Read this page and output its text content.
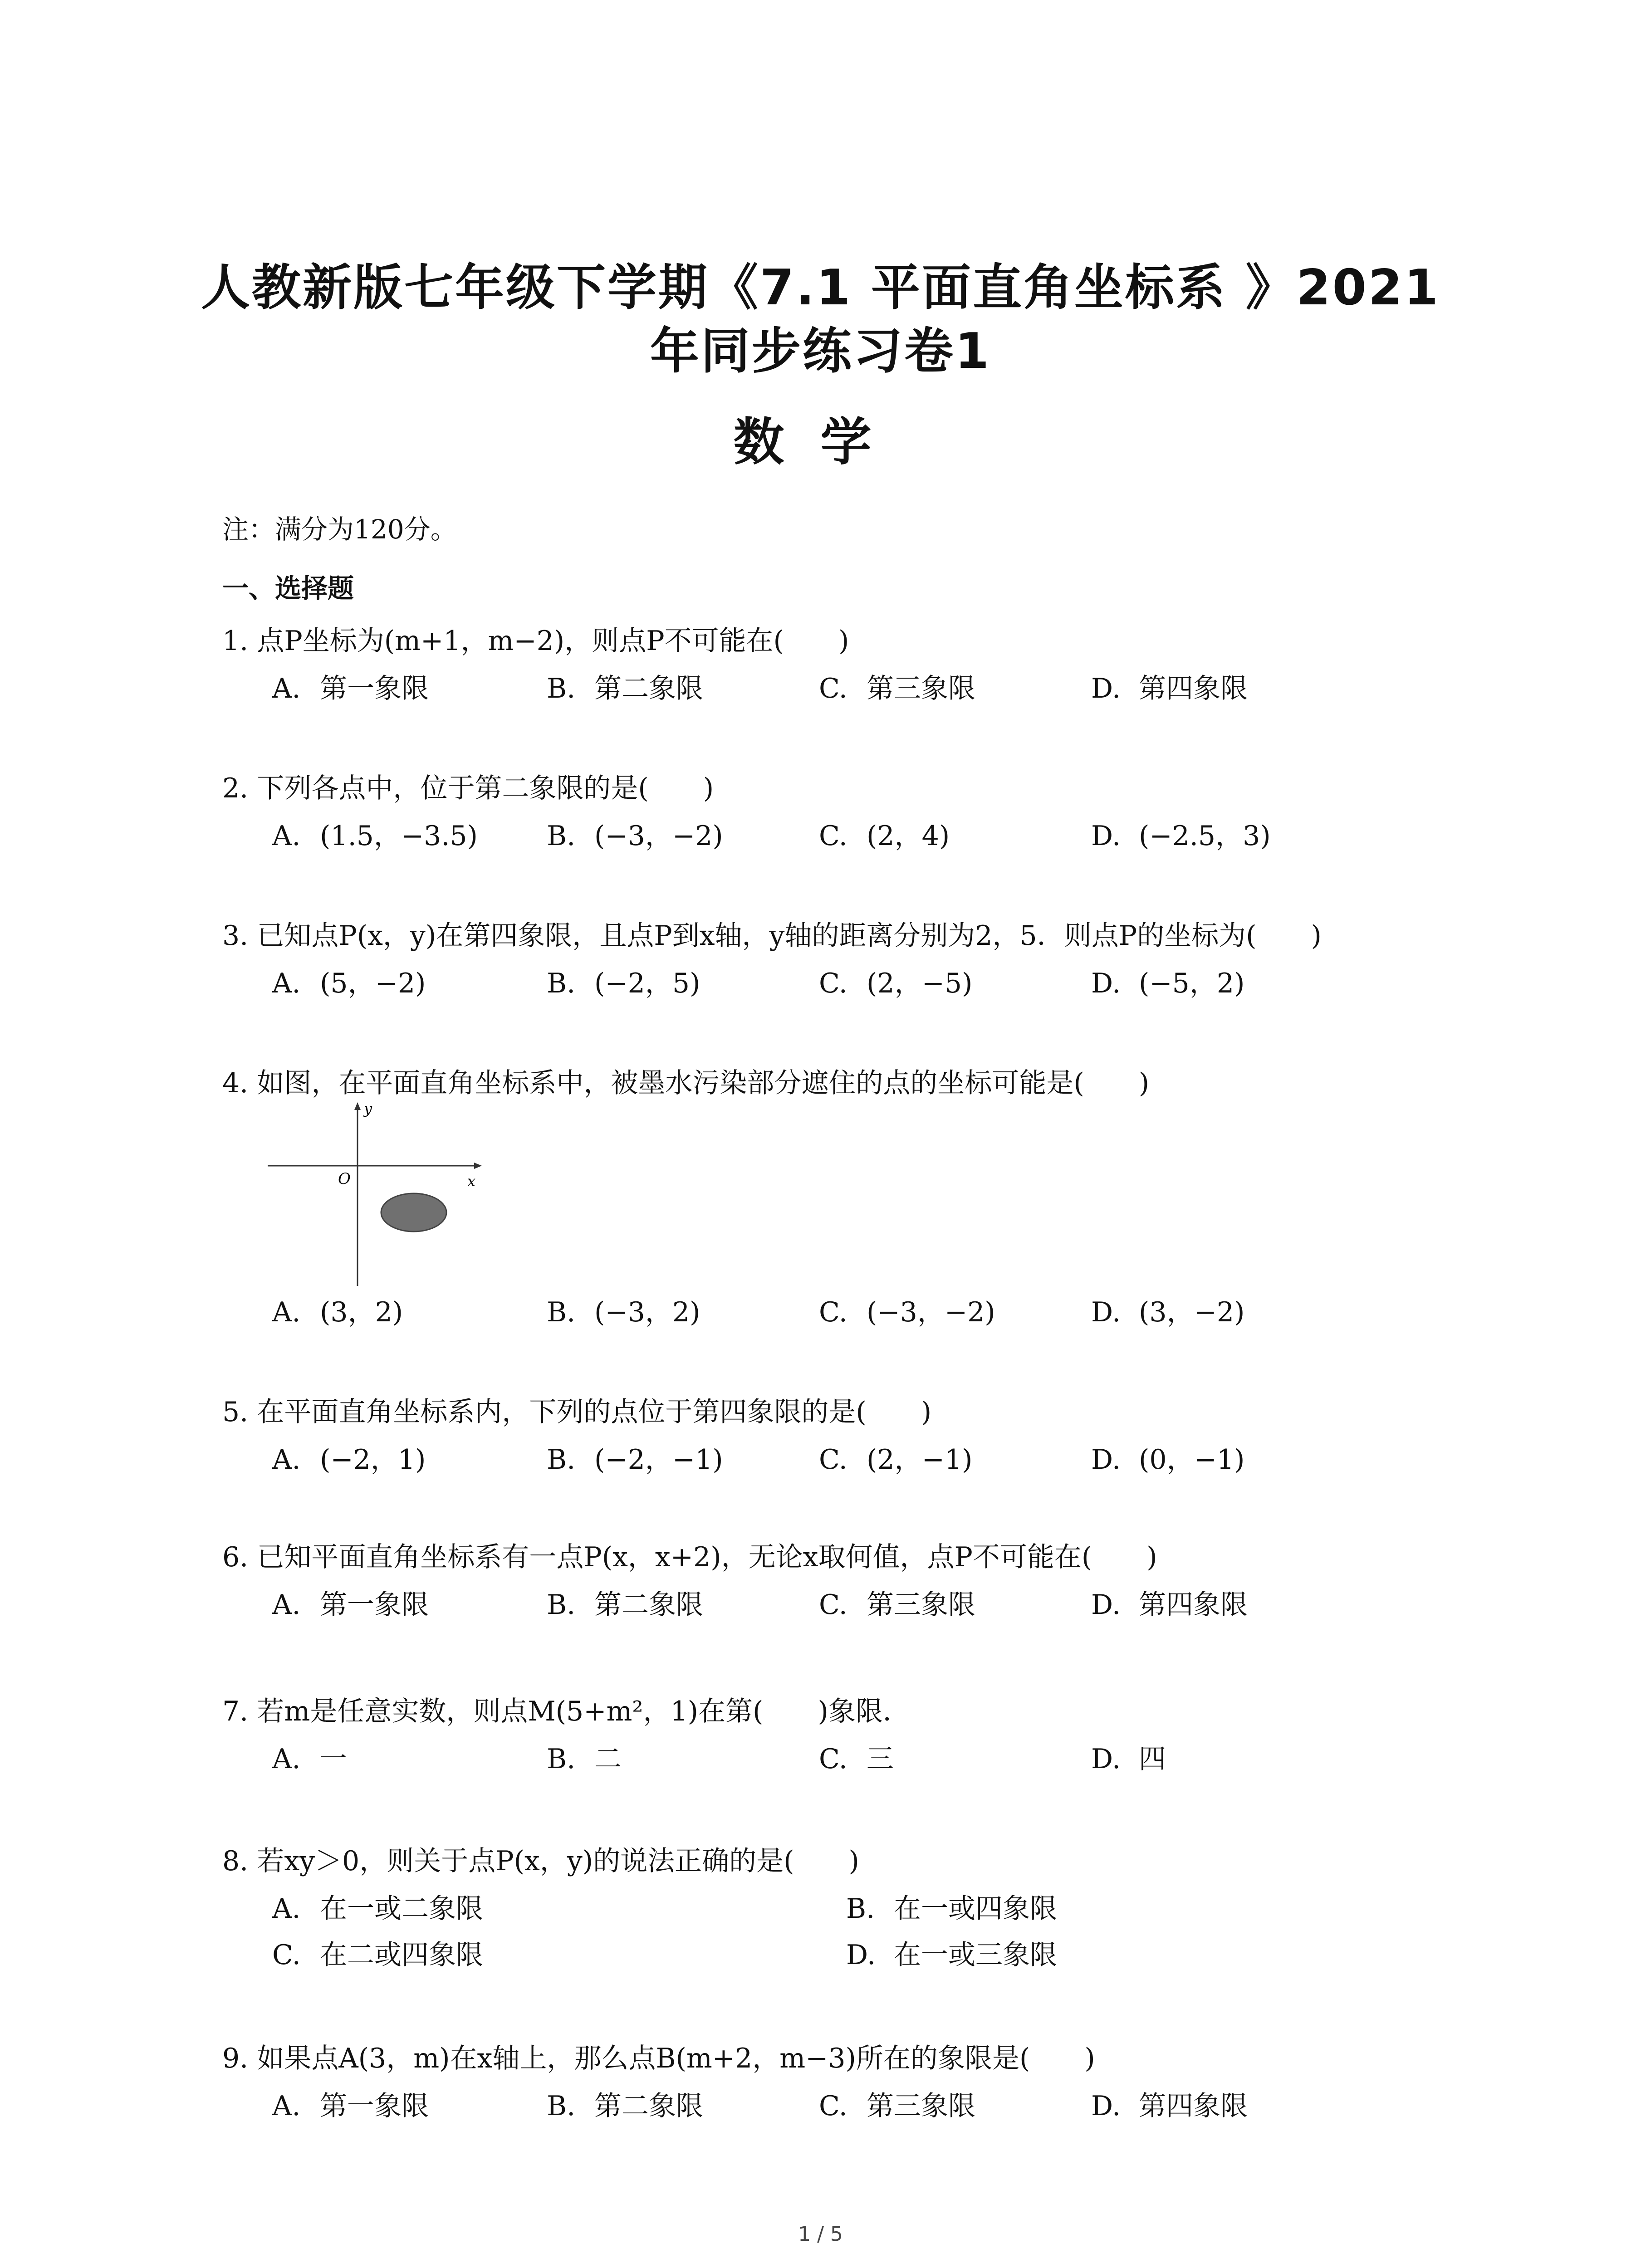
人教新版七年级下学期《7.1 平面直角坐标系 》2021
年同步练习卷1
数学
注：满分为120分。
一、选择题
1. 点P坐标为(m+1，m−2)，则点P不可能在(　　)
A. 第一象限	B. 第二象限	C. 第三象限	D. 第四象限
2. 下列各点中，位于第二象限的是(　　)
A. (1.5，−3.5)	B. (−3，−2)	C. (2，4)	D. (−2.5，3)
3. 已知点P(x，y)在第四象限，且点P到x轴，y轴的距离分别为2，5．则点P的坐标为(　　)
A. (5，−2)	B. (−2，5)	C. (2，−5)	D. (−5，2)
4. 如图，在平面直角坐标系中，被墨水污染部分遮住的点的坐标可能是(　　)
y
x
O
A. (3，2)	B. (−3，2)	C. (−3，−2)	D. (3，−2)
5. 在平面直角坐标系内，下列的点位于第四象限的是(　　)
A. (−2，1)	B. (−2，−1)	C. (2，−1)	D. (0，−1)
6. 已知平面直角坐标系有一点P(x，x+2)，无论x取何值，点P不可能在(　　)
A. 第一象限	B. 第二象限	C. 第三象限	D. 第四象限
7. 若m是任意实数，则点M(5+m²，1)在第(　　)象限．
A. 一	B. 二	C. 三	D. 四
8. 若xy＞0，则关于点P(x，y)的说法正确的是(　　)
A. 在一或二象限	B. 在一或四象限
C. 在二或四象限	D. 在一或三象限
9. 如果点A(3，m)在x轴上，那么点B(m+2，m−3)所在的象限是(　　)
A. 第一象限	B. 第二象限	C. 第三象限	D. 第四象限
1 / 5
